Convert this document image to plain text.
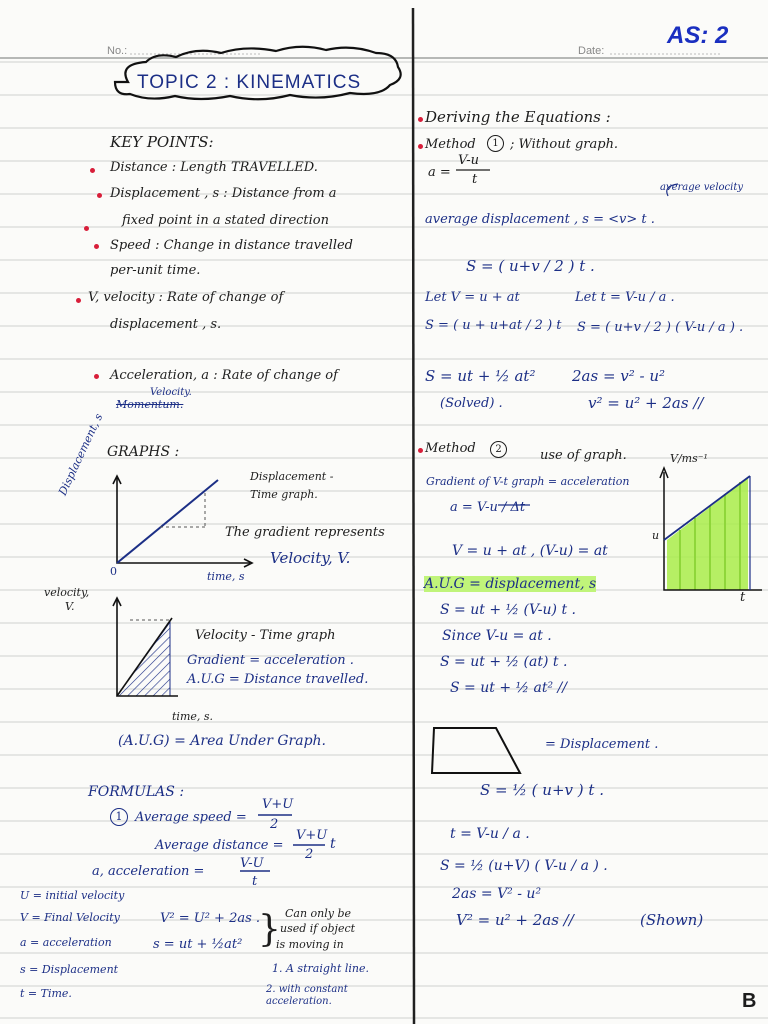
No.:	Date:
AS: 2
TOPIC 2 : KINEMATICS
KEY POINTS:
Distance : Length TRAVELLED.
Displacement , s : Distance from a
fixed point in a stated direction
Speed : Change in distance travelled
per-unit time.
V, velocity : Rate of change of
displacement , s.
Acceleration, a : Rate of change of
Velocity.
Momentum.
GRAPHS :
Displacement, s
0	time, s
Displacement - Time graph.
The gradient represents
Velocity, V.
velocity,
V.
time, s.
Velocity - Time graph
Gradient = acceleration .
A.U.G = Distance travelled.
(A.U.G) = Area Under Graph.
FORMULAS :
1 Average speed =
V+U
2
Average distance =
V+U
2
t
a, acceleration =
V-U
t
U = initial velocity
V = Final Velocity
a = acceleration
s = Displacement
t = Time.
V² = U² + 2as .
s = ut + ½at² } Can only be
used if object
is moving in
1. A straight line.
2. with constant acceleration.
Deriving the Equations :
Method	1 ; Without graph.
a =
V-u
t
average velocity
average displacement , s = <v> t .
S = ( u+v / 2 ) t .
Let V = u + at	Let t = V-u / a .
S = ( u + u+at / 2 ) t S = ( u+v / 2 ) ( V-u / a ) .
S = ut + ½ at²
(Solved) .
2as = v² - u²
v² = u² + 2as //
Method	2	use of graph.	V/ms⁻¹
Gradient of V-t graph = acceleration
a = V-u / Δt
V = u + at , (V-u) = at
A.U.G = displacement, s
S = ut + ½ (V-u) t .
Since V-u = at .
S = ut + ½ (at) t .
S = ut + ½ at² //
u
t
= Displacement .
S = ½ ( u+v ) t .
t = V-u / a .
S = ½ (u+V) ( V-u / a ) .
2as = V² - u²
V² = u² + 2as //	(Shown)
B
